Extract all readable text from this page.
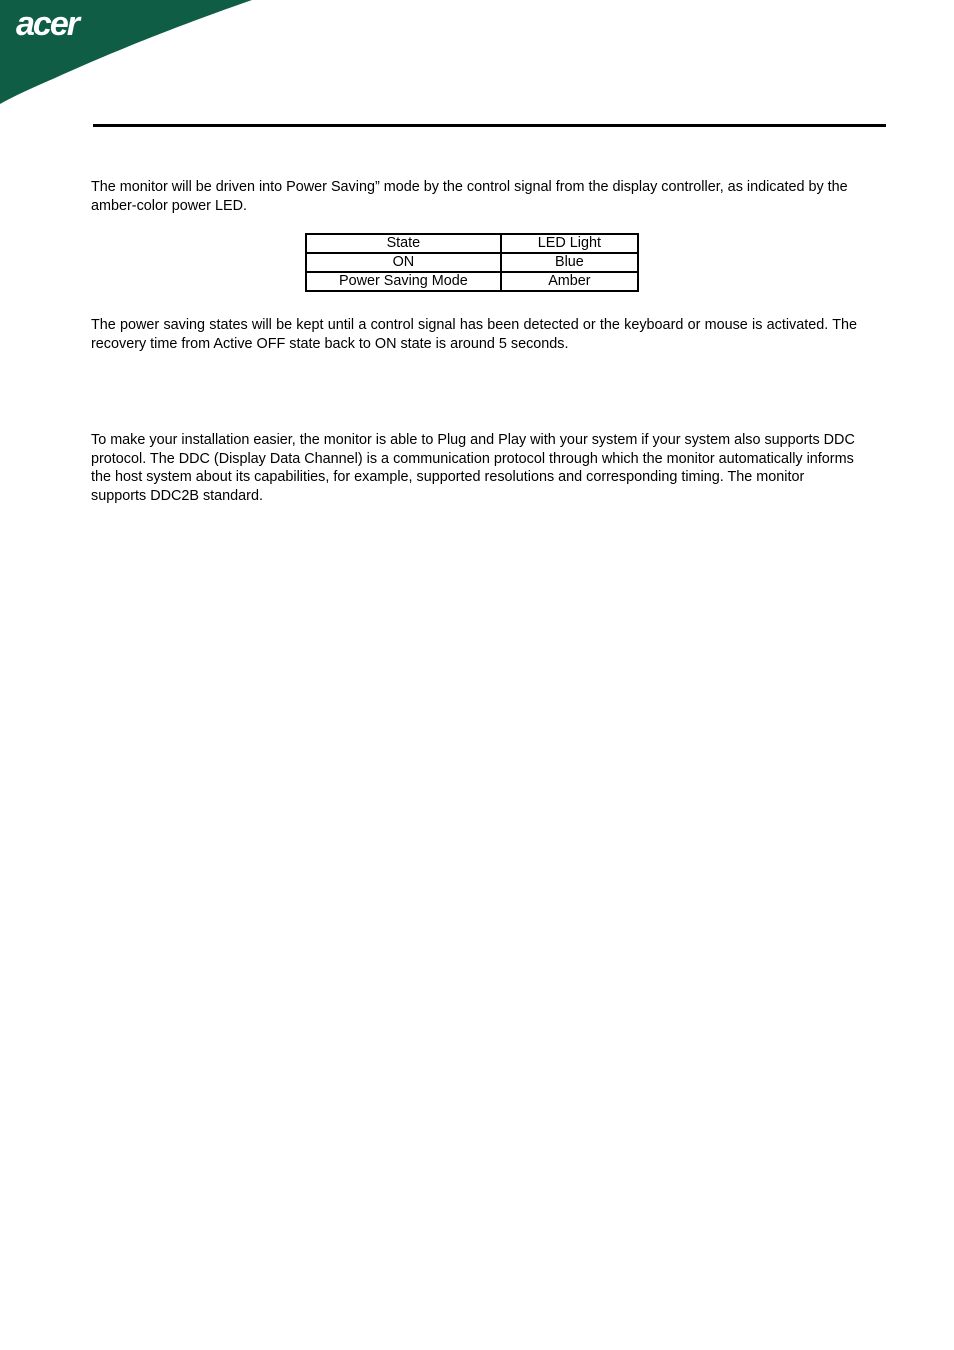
acer

The monitor will be driven into Power Saving” mode by the control signal from the display controller, as indicated by the amber-color power LED.

State	LED Light
ON	Blue
Power Saving Mode	Amber

The power saving states will be kept until a control signal has been detected or the keyboard or mouse is activated. The recovery time from Active OFF state back to ON state is around 5 seconds.

To make your installation easier, the monitor is able to Plug and Play with your system if your system also supports DDC protocol. The DDC (Display Data Channel) is a communication protocol through which the monitor automatically informs the host system about its capabilities, for example, supported resolutions and corresponding timing. The monitor supports DDC2B standard.
